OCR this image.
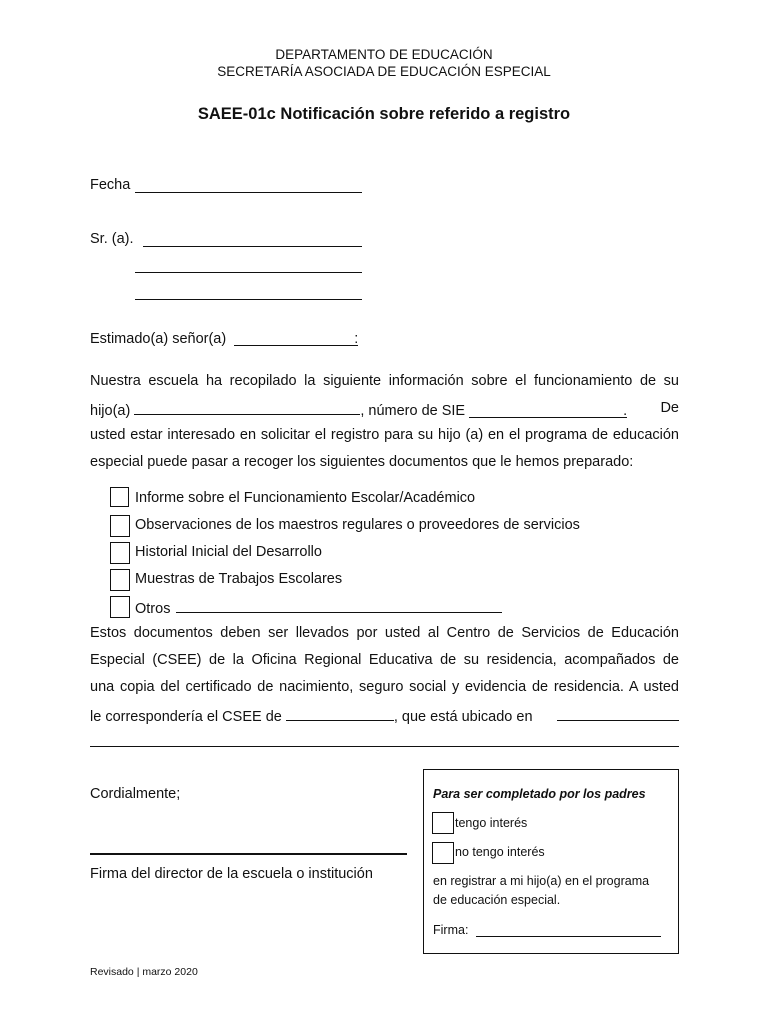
DEPARTAMENTO DE EDUCACIÓN
SECRETARÍA ASOCIADA DE EDUCACIÓN ESPECIAL
SAEE-01c Notificación sobre referido a registro
Fecha
Sr. (a).
Estimado(a) señor(a)	:
Nuestra escuela ha recopilado la siguiente información sobre el funcionamiento de su
hijo(a)	, número de SIE	. De
usted estar interesado en solicitar el registro para su hijo (a) en el programa de educación
especial puede pasar a recoger los siguientes documentos que le hemos preparado:
Informe sobre el Funcionamiento Escolar/Académico
Observaciones de los maestros regulares o proveedores de servicios
Historial Inicial del Desarrollo
Muestras de Trabajos Escolares
Otros
Estos documentos deben ser llevados por usted al Centro de Servicios de Educación
Especial (CSEE) de la Oficina Regional Educativa de su residencia, acompañados de
una copia del certificado de nacimiento, seguro social y evidencia de residencia. A usted
le correspondería el CSEE de	, que está ubicado en
Cordialmente;
Firma del director de la escuela o institución
Para ser completado por los padres
tengo interés
no tengo interés
en registrar a mi hijo(a) en el programa
de educación especial.
Firma:
Revisado | marzo 2020
